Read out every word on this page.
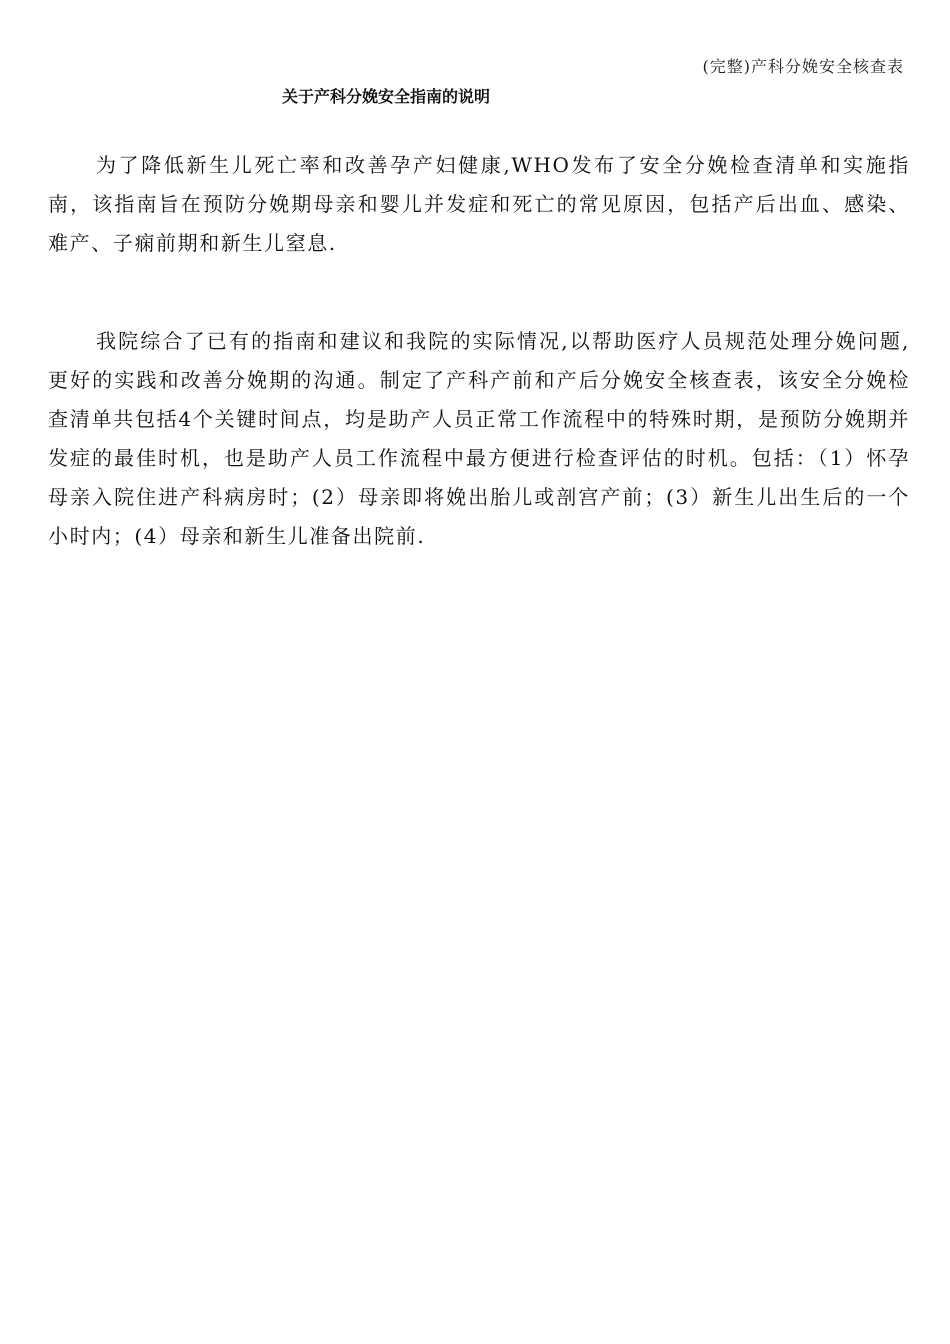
(完整)产科分娩安全核查表
关于产科分娩安全指南的说明

为了降低新生儿死亡率和改善孕产妇健康,WHO发布了安全分娩检查清单和实施指南，该指南旨在预防分娩期母亲和婴儿并发症和死亡的常见原因，包括产后出血、感染、难产、子痫前期和新生儿窒息.

我院综合了已有的指南和建议和我院的实际情况,以帮助医疗人员规范处理分娩问题,更好的实践和改善分娩期的沟通。制定了产科产前和产后分娩安全核查表，该安全分娩检查清单共包括4个关键时间点，均是助产人员正常工作流程中的特殊时期，是预防分娩期并发症的最佳时机，也是助产人员工作流程中最方便进行检查评估的时机。包括：（1）怀孕母亲入院住进产科病房时；(2）母亲即将娩出胎儿或剖宫产前；(3）新生儿出生后的一个小时内；(4）母亲和新生儿准备出院前.
